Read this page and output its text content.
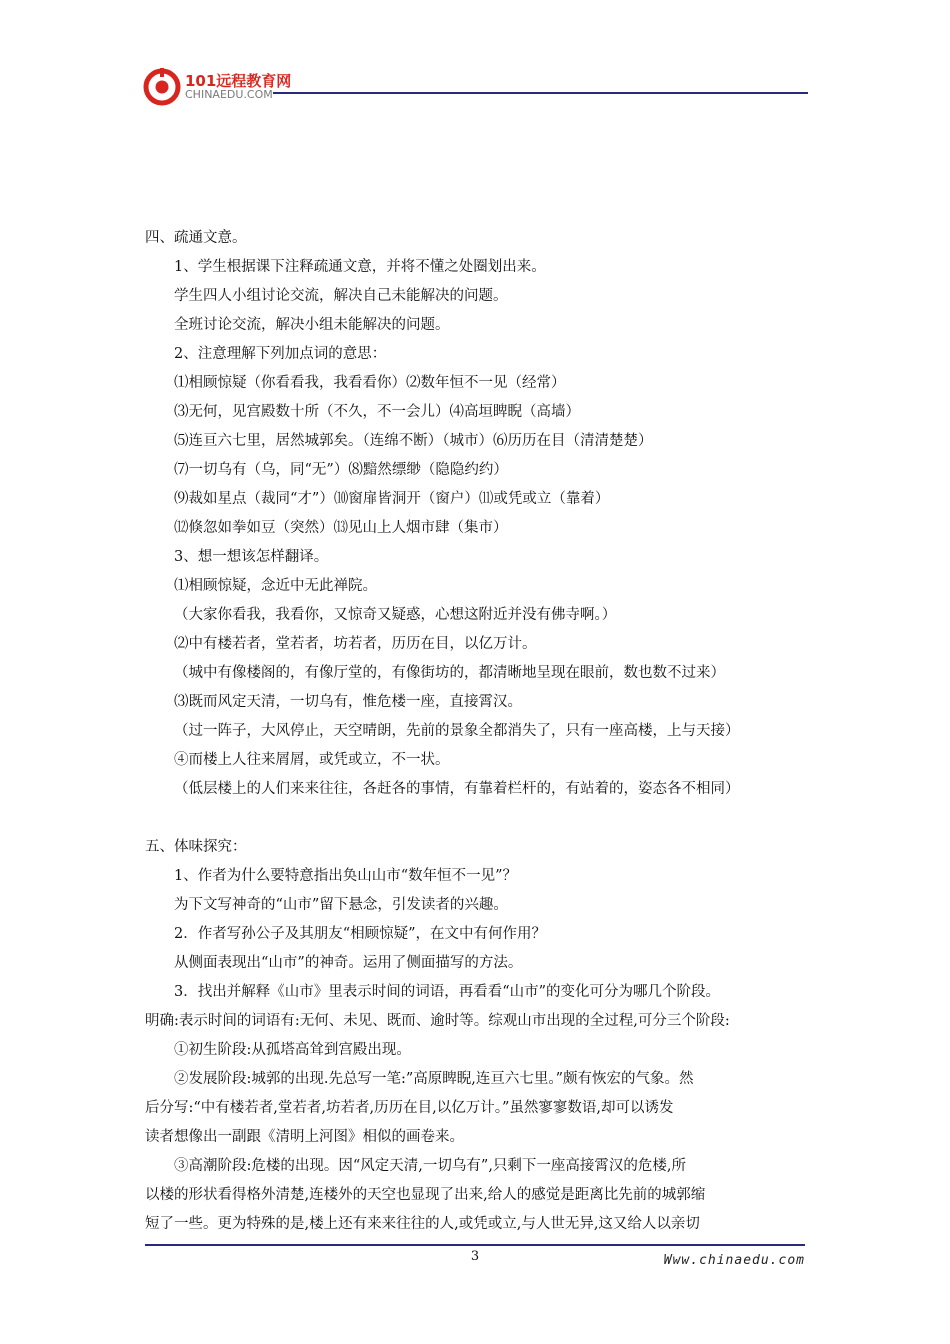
101远程教育网
CHINAEDU.COM
四、疏通文意。
1、学生根据课下注释疏通文意，并将不懂之处圈划出来。
学生四人小组讨论交流，解决自己未能解决的问题。
全班讨论交流，解决小组未能解决的问题。
2、注意理解下列加点词的意思：
⑴相顾惊疑（你看看我，我看看你）⑵数年恒不一见（经常）
⑶无何，见宫殿数十所（不久，不一会儿）⑷高垣睥睨（高墙）
⑸连亘六七里，居然城郭矣。（连绵不断）（城市）⑹历历在目（清清楚楚）
⑺一切乌有（乌，同“无”）⑻黯然缥缈（隐隐约约）
⑼裁如星点（裁同“才”）⑽窗扉皆洞开（窗户）⑾或凭或立（靠着）
⑿倏忽如拳如豆（突然）⒀见山上人烟市肆（集市）
3、想一想该怎样翻译。
⑴相顾惊疑，念近中无此禅院。
（大家你看我，我看你，又惊奇又疑惑，心想这附近并没有佛寺啊。）
⑵中有楼若者，堂若者，坊若者，历历在目，以亿万计。
（城中有像楼阁的，有像厅堂的，有像街坊的，都清晰地呈现在眼前，数也数不过来）
⑶既而风定天清，一切乌有，惟危楼一座，直接霄汉。
（过一阵子，大风停止，天空晴朗，先前的景象全都消失了，只有一座高楼，上与天接）
④而楼上人往来屑屑，或凭或立，不一状。
（低层楼上的人们来来往往，各赶各的事情，有靠着栏杆的，有站着的，姿态各不相同）
五、体味探究：
1、作者为什么要特意指出奂山山市“数年恒不一见”？
为下文写神奇的“山市”留下悬念，引发读者的兴趣。
2．作者写孙公子及其朋友“相顾惊疑”，在文中有何作用？
从侧面表现出“山市”的神奇。运用了侧面描写的方法。
3．找出并解释《山市》里表示时间的词语，再看看“山市”的变化可分为哪几个阶段。
明确:表示时间的词语有:无何、未见、既而、逾时等。综观山市出现的全过程,可分三个阶段:
①初生阶段:从孤塔高耸到宫殿出现。
②发展阶段:城郭的出现.先总写一笔:”高原睥睨,连亘六七里。”颇有恢宏的气象。然
后分写:“中有楼若者,堂若者,坊若者,历历在目,以亿万计。”虽然寥寥数语,却可以诱发
读者想像出一副跟《清明上河图》相似的画卷来。
③高潮阶段:危楼的出现。因“风定天清,一切乌有”,只剩下一座高接霄汉的危楼,所
以楼的形状看得格外清楚,连楼外的天空也显现了出来,给人的感觉是距离比先前的城郭缩
短了一些。更为特殊的是,楼上还有来来往往的人,或凭或立,与人世无异,这又给人以亲切
3	Www.chinaedu.com
